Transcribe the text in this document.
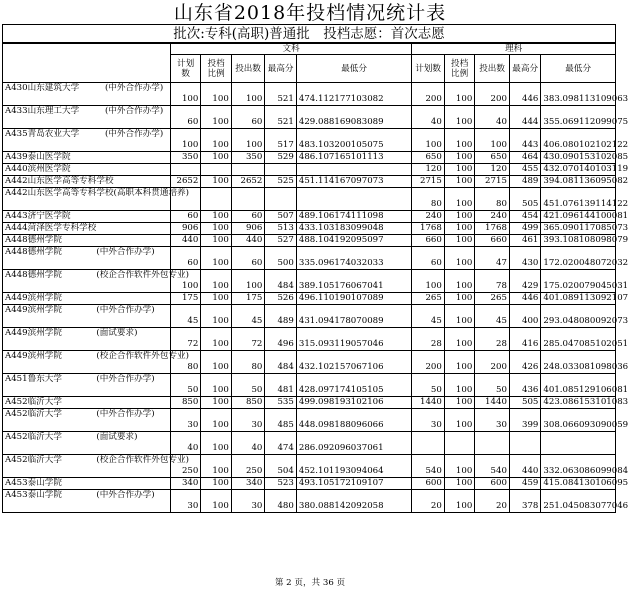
山东省2018年投档情况统计表
批次:专科(高职)普通批　投档志愿：首次志愿
	文科					理科				
	计划数	投档比例	投出数	最高分	最低分	计划数	投档比例	投出数	最高分	最低分
A430山东建筑大学　　　(中外合作办学)	100	100	100	521	474.112177103082	200	100	200	446	383.098113109063
A433山东理工大学　　　(中外合作办学)	60	100	60	521	429.088169083089	40	100	40	444	355.069112099075
A435青岛农业大学　　　(中外合作办学)	100	100	100	517	483.103200105075	100	100	100	443	406.080102102122
A439泰山医学院	350	100	350	529	486.107165101113	650	100	650	464	430.090153102085
A440滨州医学院						120	100	120	455	432.070140103119
A442山东医学高等专科学校	2652	100	2652	525	451.114167097073	2715	100	2715	489	394.081136095082
A442山东医学高等专科学校(高职本科贯通培养)						80	100	80	505	451.076139114122
A443济宁医学院	60	100	60	507	489.106174111098	240	100	240	454	421.096144100081
A444菏泽医学专科学校	906	100	906	513	433.103183099048	1768	100	1768	499	365.090117085073
A448德州学院	440	100	440	527	488.104192095097	660	100	660	461	393.108108098079
A448德州学院　　　　(中外合作办学)	60	100	60	500	335.096174032033	60	100	47	430	172.020048072032
A448德州学院　　　　(校企合作软件外包专业)	100	100	100	484	389.105176067041	100	100	78	429	175.020079045031
A449滨州学院	175	100	175	526	496.110190107089	265	100	265	446	401.089113092107
A449滨州学院　　　　(中外合作办学)	45	100	45	489	431.094178070089	45	100	45	400	293.048080092073
A449滨州学院　　　　(面试要求)	72	100	72	496	315.093119057046	28	100	28	416	285.047085102051
A449滨州学院　　　　(校企合作软件外包专业)	80	100	80	484	432.102157067106	200	100	200	426	248.033081098036
A451鲁东大学　　　　(中外合作办学)	50	100	50	481	428.097174105105	50	100	50	436	401.085129106081
A452临沂大学	850	100	850	535	499.098193102106	1440	100	1440	505	423.086153101083
A452临沂大学　　　　(中外合作办学)	30	100	30	485	448.098188096066	30	100	30	399	308.066093090059
A452临沂大学　　　　(面试要求)	40	100	40	474	286.092096037061					
A452临沂大学　　　　(校企合作软件外包专业)	250	100	250	504	452.101193094064	540	100	540	440	332.063086099084
A453泰山学院	340	100	340	523	493.105172109107	600	100	600	459	415.084130106095
A453泰山学院　　　　(中外合作办学)	30	100	30	480	380.088142092058	20	100	20	378	251.045083077046
第 2 页，共 36 页
